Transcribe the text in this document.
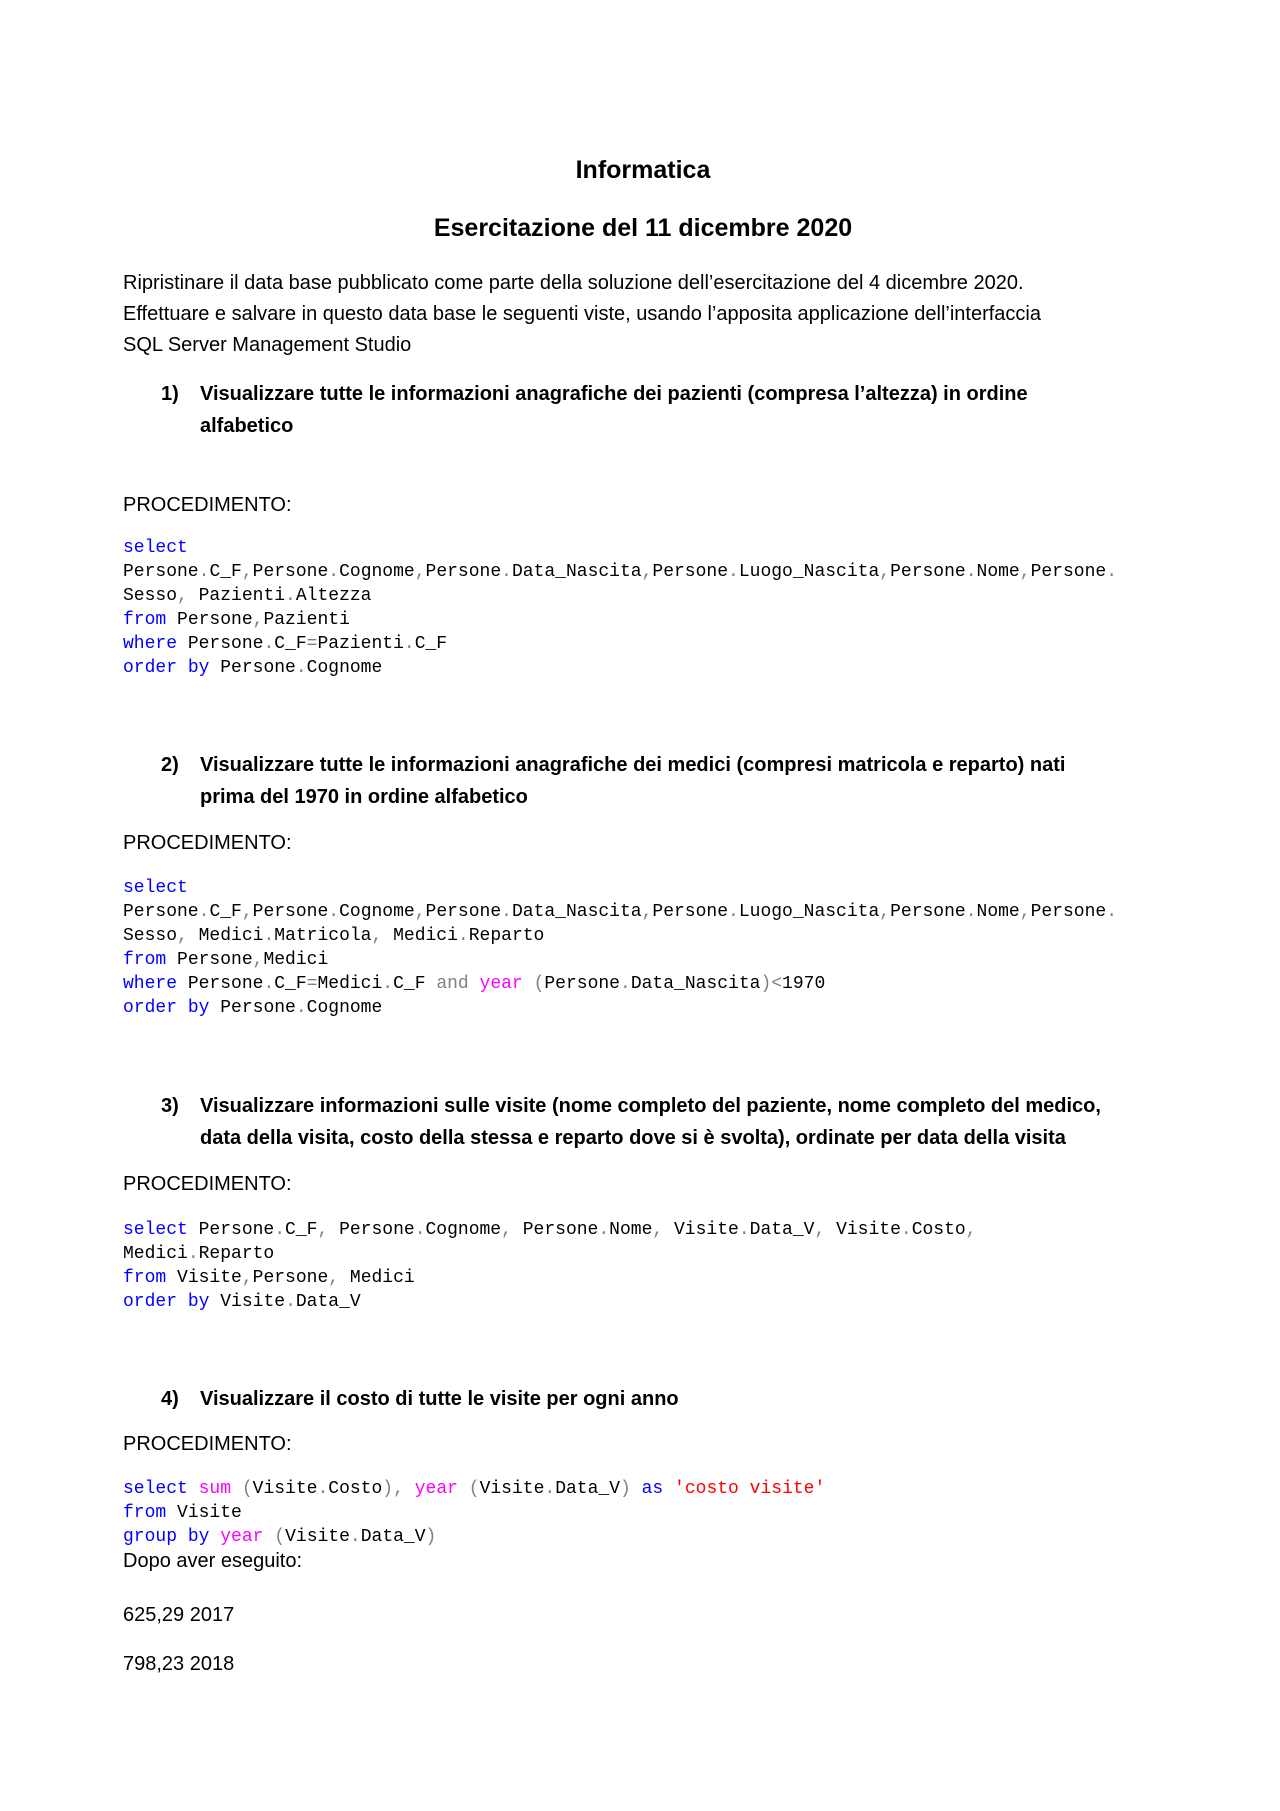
Informatica
Esercitazione del 11 dicembre 2020
Ripristinare il data base pubblicato come parte della soluzione dell’esercitazione del 4 dicembre 2020.
Effettuare e salvare in questo data base le seguenti viste, usando l’apposita applicazione dell’interfaccia
SQL Server Management Studio
1) Visualizzare tutte le informazioni anagrafiche dei pazienti (compresa l’altezza) in ordine
alfabetico
PROCEDIMENTO:
select
Persone.C_F,Persone.Cognome,Persone.Data_Nascita,Persone.Luogo_Nascita,Persone.Nome,Persone.
Sesso, Pazienti.Altezza
from Persone,Pazienti
where Persone.C_F=Pazienti.C_F
order by Persone.Cognome
2) Visualizzare tutte le informazioni anagrafiche dei medici (compresi matricola e reparto) nati
prima del 1970 in ordine alfabetico
PROCEDIMENTO:
select
Persone.C_F,Persone.Cognome,Persone.Data_Nascita,Persone.Luogo_Nascita,Persone.Nome,Persone.
Sesso, Medici.Matricola, Medici.Reparto
from Persone,Medici
where Persone.C_F=Medici.C_F and year (Persone.Data_Nascita)<1970
order by Persone.Cognome
3) Visualizzare informazioni sulle visite (nome completo del paziente, nome completo del medico,
data della visita, costo della stessa e reparto dove si è svolta), ordinate per data della visita
PROCEDIMENTO:
select Persone.C_F, Persone.Cognome, Persone.Nome, Visite.Data_V, Visite.Costo,
Medici.Reparto
from Visite,Persone, Medici
order by Visite.Data_V
4) Visualizzare il costo di tutte le visite per ogni anno
PROCEDIMENTO:
select sum (Visite.Costo), year (Visite.Data_V) as 'costo visite'
from Visite
group by year (Visite.Data_V)
Dopo aver eseguito:
625,29 2017
798,23 2018
